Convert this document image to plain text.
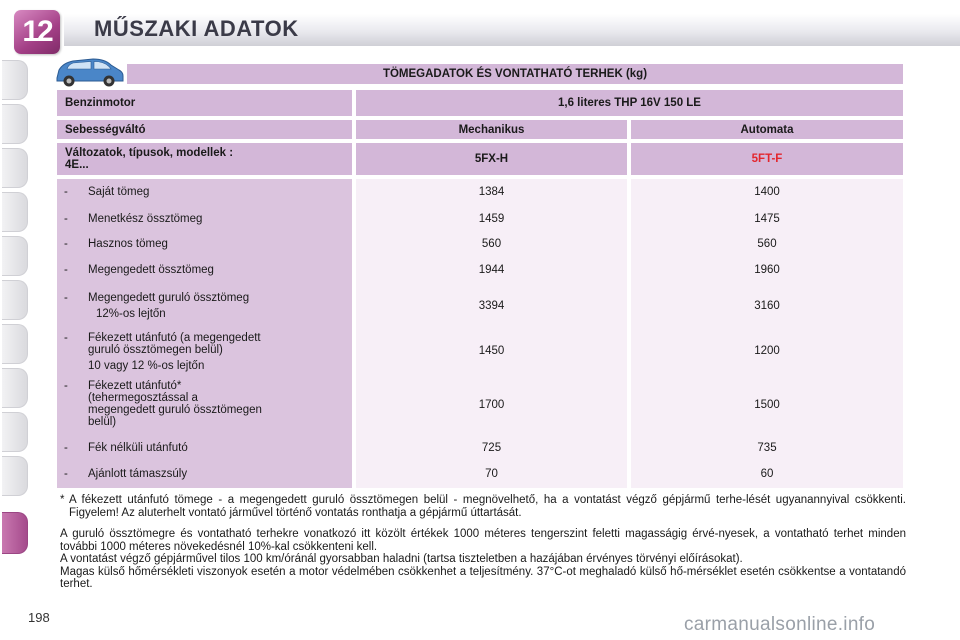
12	MŰSZAKI ADATOK
TÖMEGADATOK ÉS VONTATHATÓ TERHEK (kg)
Benzinmotor	1,6 literes THP 16V 150 LE
Sebességváltó	Mechanikus	Automata
Változatok, típusok, modellek :
4E...	5FX-H	5FT-F
- Saját tömeg	1384	1400
- Menetkész össztömeg	1459	1475
- Hasznos tömeg	560	560
- Megengedett össztömeg	1944	1960
- Megengedett guruló össztömeg
12%-os lejtőn
3394	3160
- Fékezett utánfutó (a megengedett
guruló össztömegen belül)
10 vagy 12 %-os lejtőn
1450	1200
- Fékezett utánfutó*
(tehermegosztással a
megengedett guruló össztömegen
belül)
1700	1500
- Fék nélküli utánfutó	725	735
- Ajánlott támaszsúly	70	60
* A fékezett utánfutó tömege - a megengedett guruló össztömegen belül - megnövelhető, ha a vontatást végző gépjármű terhe-lését ugyanannyival csökkenti. Figyelem! Az aluterhelt vontató járművel történő vontatás ronthatja a gépjármű úttartását.

A guruló össztömegre és vontatható terhekre vonatkozó itt közölt értékek 1000 méteres tengerszint feletti magasságig érvé-nyesek, a vontatható terhet minden további 1000 méteres növekedésnél 10%-kal csökkenteni kell.

A vontatást végző gépjárművel tilos 100 km/óránál gyorsabban haladni (tartsa tiszteletben a hazájában érvényes törvényi előírásokat).

Magas külső hőmérsékleti viszonyok esetén a motor védelmében csökkenhet a teljesítmény. 37°C-ot meghaladó külső hő-mérséklet esetén csökkentse a vontatandó terhet.

198	carmanualsonline.info
